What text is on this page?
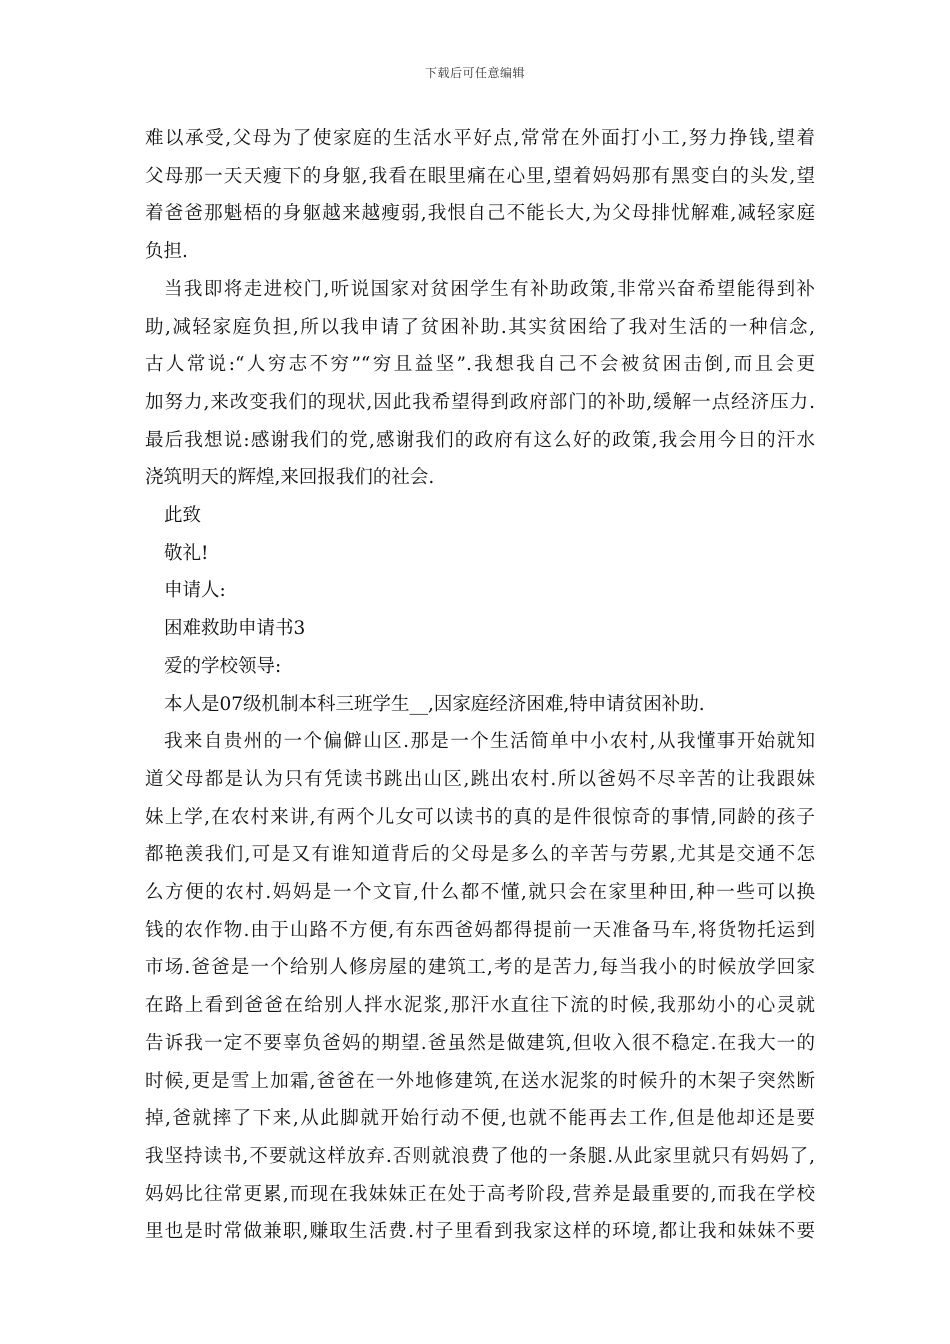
下载后可任意编辑

难以承受,父母为了使家庭的生活水平好点,常常在外面打小工,努力挣钱,望着
父母那一天天瘦下的身躯,我看在眼里痛在心里,望着妈妈那有黑变白的头发,望
着爸爸那魁梧的身躯越来越瘦弱,我恨自己不能长大,为父母排忧解难,减轻家庭
负担.

当我即将走进校门,听说国家对贫困学生有补助政策,非常兴奋希望能得到补
助,减轻家庭负担,所以我申请了贫困补助.其实贫困给了我对生活的一种信念,
古人常说:“人穷志不穷”“穷且益坚”.我想我自己不会被贫困击倒,而且会更
加努力,来改变我们的现状,因此我希望得到政府部门的补助,缓解一点经济压力.
最后我想说:感谢我们的党,感谢我们的政府有这么好的政策,我会用今日的汗水
浇筑明天的辉煌,来回报我们的社会.

此致
敬礼!
申请人:
困难救助申请书3
爱的学校领导:
本人是07级机制本科三班学生__,因家庭经济困难,特申请贫困补助.

我来自贵州的一个偏僻山区.那是一个生活简单中小农村,从我懂事开始就知
道父母都是认为只有凭读书跳出山区,跳出农村.所以爸妈不尽辛苦的让我跟妹
妹上学,在农村来讲,有两个儿女可以读书的真的是件很惊奇的事情,同龄的孩子
都艳羡我们,可是又有谁知道背后的父母是多么的辛苦与劳累,尤其是交通不怎
么方便的农村.妈妈是一个文盲,什么都不懂,就只会在家里种田,种一些可以换
钱的农作物.由于山路不方便,有东西爸妈都得提前一天准备马车,将货物托运到
市场.爸爸是一个给别人修房屋的建筑工,考的是苦力,每当我小的时候放学回家
在路上看到爸爸在给别人拌水泥浆,那汗水直往下流的时候,我那幼小的心灵就
告诉我一定不要辜负爸妈的期望.爸虽然是做建筑,但收入很不稳定.在我大一的
时候,更是雪上加霜,爸爸在一外地修建筑,在送水泥浆的时候升的木架子突然断
掉,爸就摔了下来,从此脚就开始行动不便,也就不能再去工作,但是他却还是要
我坚持读书,不要就这样放弃.否则就浪费了他的一条腿.从此家里就只有妈妈了,
妈妈比往常更累,而现在我妹妹正在处于高考阶段,营养是最重要的,而我在学校
里也是时常做兼职,赚取生活费.村子里看到我家这样的环境,都让我和妹妹不要
